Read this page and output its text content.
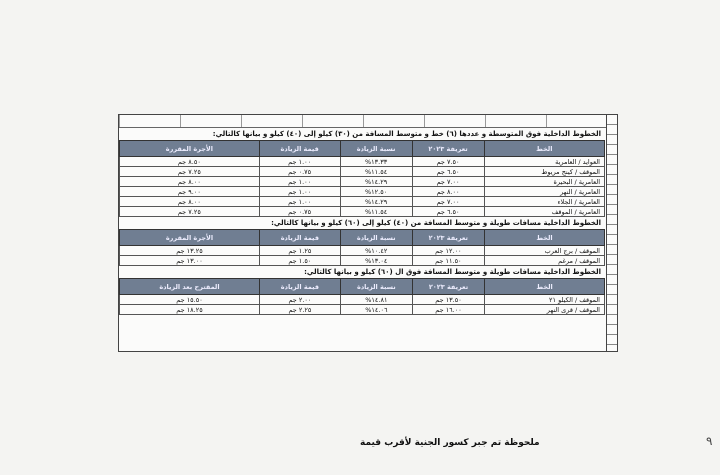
الخطوط الداخلية فوق المتوسطة و عددها (٦) خط و متوسط المسافة من (٣٠) كيلو إلى (٤٠) كيلو و بيانها كالتالي:
الخط	تعريفة ٢٠٢٣	نسبة الزيادة	قيمة الزيادة	الأجرة المقررة
العوايد / العامرية	٧.٥٠ جم	١٣.٣٣%	١.٠٠ جم	٨.٥٠ جم
الموقف / كينج مريوط	٦.٥٠ جم	١١.٥٤%	٠.٧٥ جم	٧.٢٥ جم
العامرية / البحيرة	٧.٠٠ جم	١٤.٢٩%	١.٠٠ جم	٨.٠٠ جم
العامرية / النهر	٨.٠٠ جم	١٢.٥٠%	١.٠٠ جم	٩.٠٠ جم
العامرية / الجلاء	٧.٠٠ جم	١٤.٢٩%	١.٠٠ جم	٨.٠٠ جم
العامرية / الموقف	٦.٥٠ جم	١١.٥٤%	٠.٧٥ جم	٧.٢٥ جم
الخطوط الداخلية مسافات طويلة و متوسط المسافة من (٤٠) كيلو إلى (٦٠) كيلو و بيانها كالتالي:
الخط	تعريفة ٢٠٢٣	نسبة الزيادة	قيمة الزيادة	الأجرة المقررة
الموقف / برج العرب	١٢.٠٠ جم	١٠.٤٢%	١.٢٥ جم	١٣.٢٥ جم
الموقف / مرغم	١١.٥٠ جم	١٣.٠٤%	١.٥٠ جم	١٣.٠٠ جم
الخطوط الداخلية مسافات طويلة و متوسط المسافة فوق ال (٦٠) كيلو و بيانها كالتالي:
الخط	تعريفة ٢٠٢٣	نسبة الزيادة	قيمة الزيادة	المقترح بعد الزيادة
الموقف / الكيلو ٢١	١٣.٥٠ جم	١٤.٨١%	٢.٠٠ جم	١٥.٥٠ جم
الموقف / قرى النهر	١٦.٠٠ جم	١٤.٠٦%	٢.٢٥ جم	١٨.٢٥ جم
ملحوظة تم جبر كسور الجنية لأقرب قيمة	٩
